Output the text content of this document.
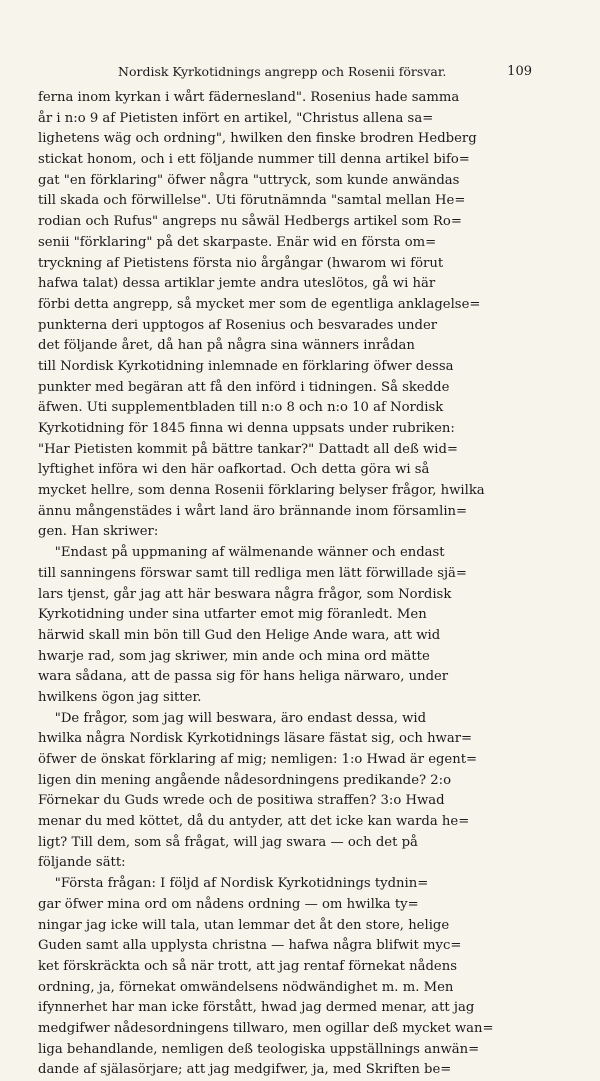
Nordisk Kyrkotidnings angrepp och Rosenii försvar.	109
ferna inom kyrkan i wårt fädernesland". Rosenius hade samma
år i n:o 9 af Pietisten infört en artikel, "Christus allena sa=
lighetens wäg och ordning", hwilken den finske brodren Hedberg
stickat honom, och i ett följande nummer till denna artikel bifo=
gat "en förklaring" öfwer några "uttryck, som kunde anwändas
till skada och förwillelse". Uti förutnämnda "samtal mellan He=
rodian och Rufus" angreps nu såwäl Hedbergs artikel som Ro=
senii "förklaring" på det skarpaste. Enär wid en första om=
tryckning af Pietistens första nio årgångar (hwarom wi förut
hafwa talat) dessa artiklar jemte andra uteslötos, gå wi här
förbi detta angrepp, så mycket mer som de egentliga anklagelse=
punkterna deri upptogos af Rosenius och besvarades under
det följande året, då han på några sina wänners inrådan
till Nordisk Kyrkotidning inlemnade en förklaring öfwer dessa
punkter med begäran att få den införd i tidningen. Så skedde
äfwen. Uti supplementbladen till n:o 8 och n:o 10 af Nordisk
Kyrkotidning för 1845 finna wi denna uppsats under rubriken:
"Har Pietisten kommit på bättre tankar?" Dattadt all deß wid=
lyftighet införa wi den här oafkortad. Och detta göra wi så
mycket hellre, som denna Rosenii förklaring belyser frågor, hwilka
ännu mångenstädes i wårt land äro brännande inom församlin=
gen. Han skriwer:
"Endast på uppmaning af wälmenande wänner och endast
till sanningens förswar samt till redliga men lätt förwillade sjä=
lars tjenst, går jag att här beswara några frågor, som Nordisk
Kyrkotidning under sina utfarter emot mig föranledt. Men
härwid skall min bön till Gud den Helige Ande wara, att wid
hwarje rad, som jag skriwer, min ande och mina ord mätte
wara sådana, att de passa sig för hans heliga närwaro, under
hwilkens ögon jag sitter.
"De frågor, som jag will beswara, äro endast dessa, wid
hwilka några Nordisk Kyrkotidnings läsare fästat sig, och hwar=
öfwer de önskat förklaring af mig; nemligen: 1:o Hwad är egent=
ligen din mening angående nådesordningens predikande? 2:o
Förnekar du Guds wrede och de positiwa straffen? 3:o Hwad
menar du med köttet, då du antyder, att det icke kan warda he=
ligt? Till dem, som så frågat, will jag swara — och det på
följande sätt:
"Första frågan: I följd af Nordisk Kyrkotidnings tydnin=
gar öfwer mina ord om nådens ordning — om hwilka ty=
ningar jag icke will tala, utan lemmar det åt den store, helige
Guden samt alla upplysta christna — hafwa några blifwit myc=
ket förskräckta och så när trott, att jag rentaf förnekat nådens
ordning, ja, förnekat omwändelsens nödwändighet m. m. Men
ifynnerhet har man icke förstått, hwad jag dermed menar, att jag
medgifwer nådesordningens tillwaro, men ogillar deß mycket wan=
liga behandlande, nemligen deß teologiska uppställnings anwän=
dande af själasörjare; att jag medgifwer, ja, med Skriften be=
